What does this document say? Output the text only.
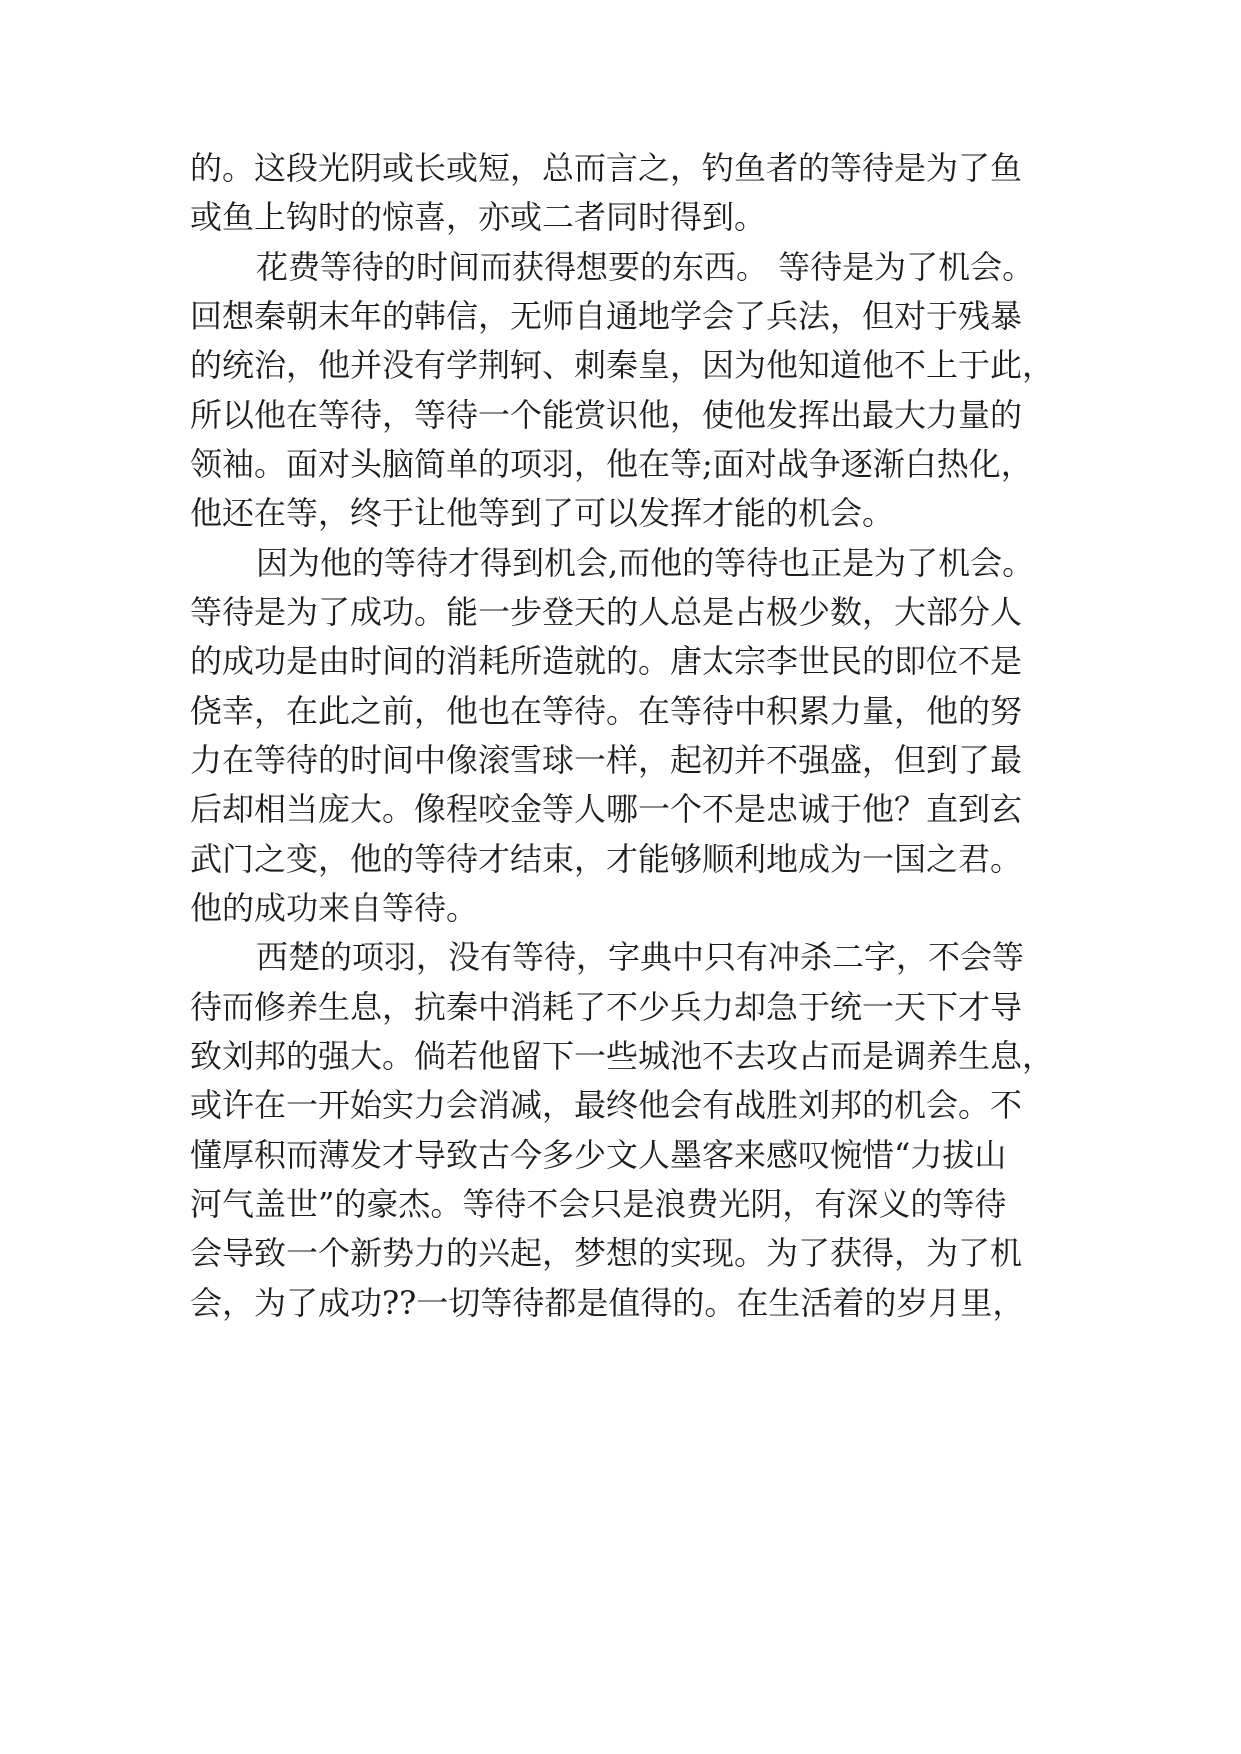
的。这段光阴或长或短，总而言之，钓鱼者的等待是为了鱼

或鱼上钩时的惊喜，亦或二者同时得到。

花费等待的时间而获得想要的东西。 等待是为了机会。

回想秦朝末年的韩信，无师自通地学会了兵法，但对于残暴

的统治，他并没有学荆轲、刺秦皇，因为他知道他不上于此，

所以他在等待，等待一个能赏识他，使他发挥出最大力量的

领袖。面对头脑简单的项羽，他在等;面对战争逐渐白热化，

他还在等，终于让他等到了可以发挥才能的机会。

因为他的等待才得到机会,而他的等待也正是为了机会。

等待是为了成功。能一步登天的人总是占极少数，大部分人

的成功是由时间的消耗所造就的。唐太宗李世民的即位不是

侥幸，在此之前，他也在等待。在等待中积累力量，他的努

力在等待的时间中像滚雪球一样，起初并不强盛，但到了最

后却相当庞大。像程咬金等人哪一个不是忠诚于他？直到玄

武门之变，他的等待才结束，才能够顺利地成为一国之君。

他的成功来自等待。

西楚的项羽，没有等待，字典中只有冲杀二字，不会等

待而修养生息，抗秦中消耗了不少兵力却急于统一天下才导

致刘邦的强大。倘若他留下一些城池不去攻占而是调养生息，

或许在一开始实力会消减，最终他会有战胜刘邦的机会。不

懂厚积而薄发才导致古今多少文人墨客来感叹惋惜“力拔山

河气盖世”的豪杰。等待不会只是浪费光阴，有深义的等待

会导致一个新势力的兴起，梦想的实现。为了获得，为了机

会，为了成功??一切等待都是值得的。在生活着的岁月里，
